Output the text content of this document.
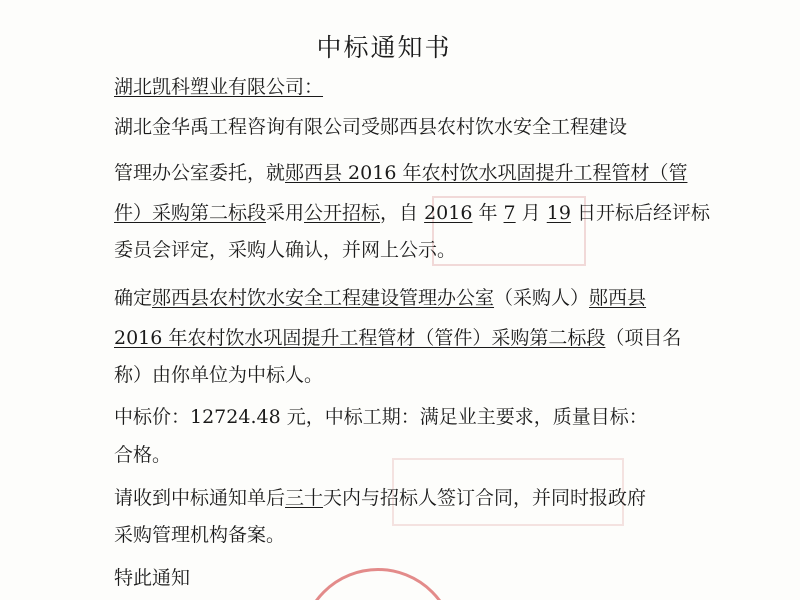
中标通知书

湖北凯科塑业有限公司：

湖北金华禹工程咨询有限公司受郧西县农村饮水安全工程建设

管理办公室委托，就郧西县 2016 年农村饮水巩固提升工程管材（管

件）采购第二标段采用公开招标，自 2016 年 7 月 19 日开标后经评标

委员会评定，采购人确认，并网上公示。

确定郧西县农村饮水安全工程建设管理办公室（采购人）郧西县

2016 年农村饮水巩固提升工程管材（管件）采购第二标段（项目名

称）由你单位为中标人。

中标价：12724.48 元，中标工期：满足业主要求，质量目标：

合格。

请收到中标通知单后三十天内与招标人签订合同，并同时报政府

采购管理机构备案。

特此通知
